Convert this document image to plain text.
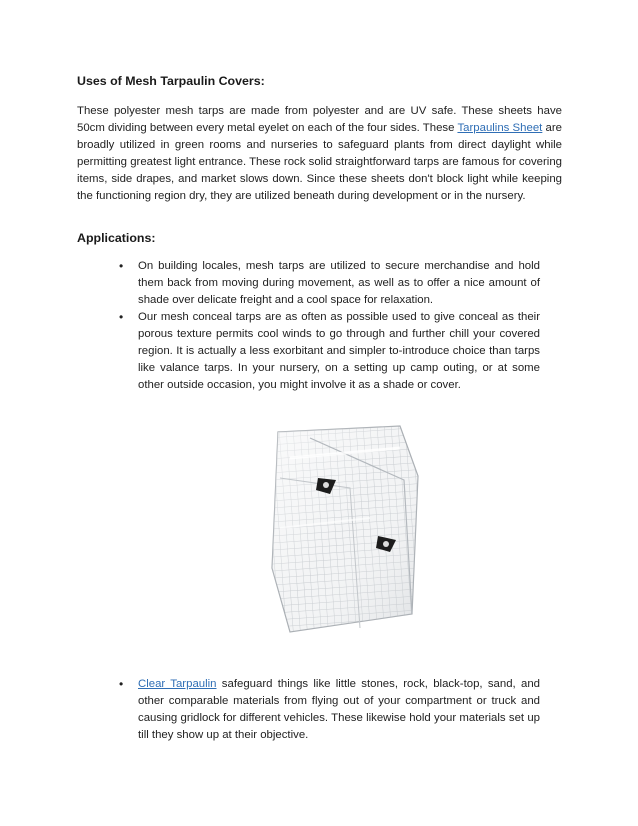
Uses of Mesh Tarpaulin Covers:

These polyester mesh tarps are made from polyester and are UV safe. These sheets have 50cm dividing between every metal eyelet on each of the four sides. These Tarpaulins Sheet are broadly utilized in green rooms and nurseries to safeguard plants from direct daylight while permitting greatest light entrance. These rock solid straightforward tarps are famous for covering items, side drapes, and market slows down. Since these sheets don't block light while keeping the functioning region dry, they are utilized beneath during development or in the nursery.

Applications:
• On building locales, mesh tarps are utilized to secure merchandise and hold them back from moving during movement, as well as to offer a nice amount of shade over delicate freight and a cool space for relaxation.
• Our mesh conceal tarps are as often as possible used to give conceal as their porous texture permits cool winds to go through and further chill your covered region. It is actually a less exorbitant and simpler to-introduce choice than tarps like valance tarps. In your nursery, on a setting up camp outing, or at some other outside occasion, you might involve it as a shade or cover.
• Clear Tarpaulin safeguard things like little stones, rock, black-top, sand, and other comparable materials from flying out of your compartment or truck and causing gridlock for different vehicles. These likewise hold your materials set up till they show up at their objective.
